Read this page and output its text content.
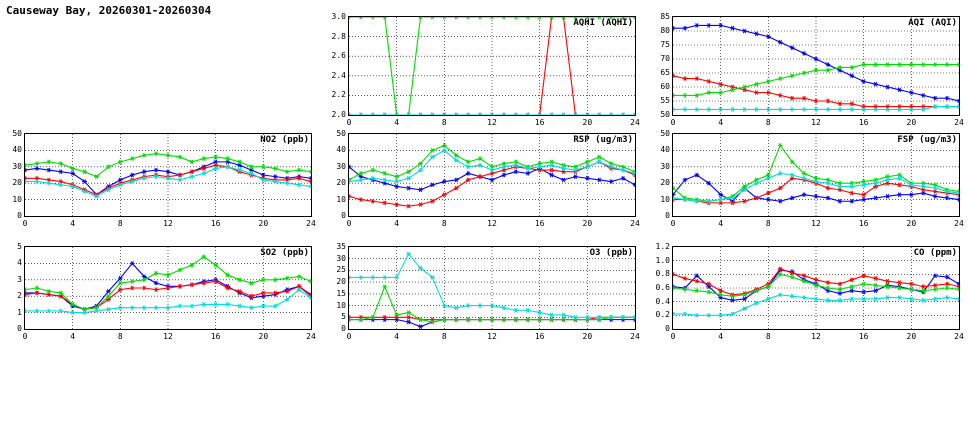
Causeway Bay, 20260301-20260304
AQHI (AQHI)
2.0
2.2
2.4
2.6
2.8
3.0
0	4	8	12	16	20	24
AQI (AQI)
50
55
60
65
70
75
80
85
0	4	8	12	16	20	24
NO2 (ppb)
0
10
20
30
40
50
0	4	8	12	16	20	24
RSP (ug/m3)
0
10
20
30
40
50
0	4	8	12	16	20	24
FSP (ug/m3)
0
10
20
30
40
50
0	4	8	12	16	20	24
SO2 (ppb)
0
1
2
3
4
5
0	4	8	12	16	20	24
O3 (ppb)
0
5
10
15
20
25
30
35
0	4	8	12	16	20	24
CO (ppm)
0
0.2
0.4
0.6
0.8
1.0
1.2
0	4	8	12	16	20	24
